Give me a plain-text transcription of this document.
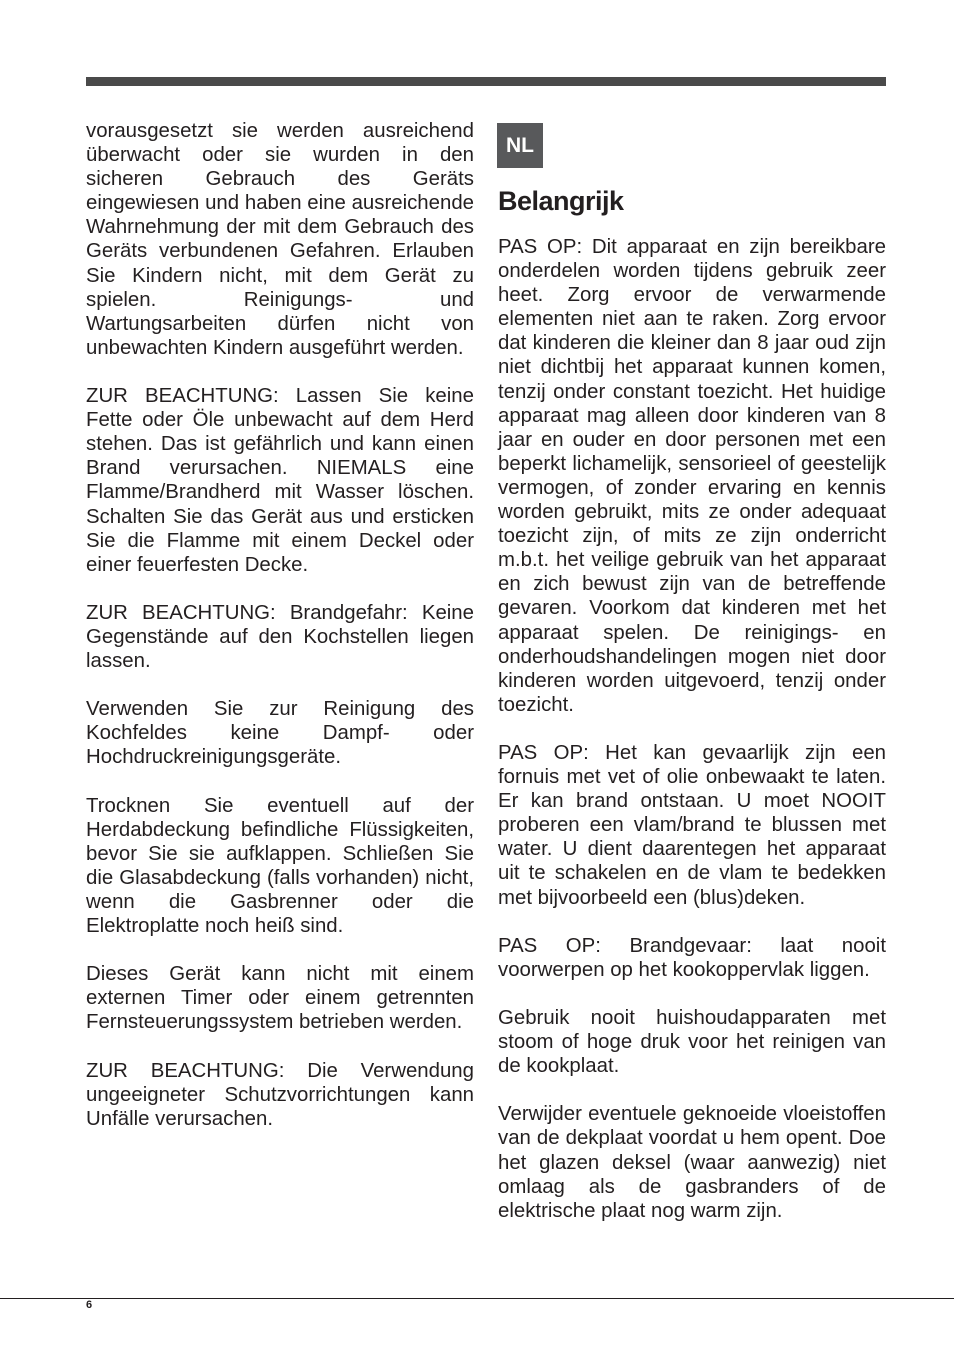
vorausgesetzt sie werden ausreichend überwacht oder sie wurden in den sicheren Gebrauch des Geräts eingewiesen und haben eine ausreichende Wahrnehmung der mit dem Gebrauch des Geräts verbundenen Gefahren. Erlauben Sie Kindern nicht, mit dem Gerät zu spielen. Reinigungs- und Wartungsarbeiten dürfen nicht von unbewachten Kindern ausgeführt werden.

ZUR BEACHTUNG: Lassen Sie keine Fette oder Öle unbewacht auf dem Herd stehen. Das ist gefährlich und kann einen Brand verursachen. NIEMALS eine Flamme/Brandherd mit Wasser löschen. Schalten Sie das Gerät aus und ersticken Sie die Flamme mit einem Deckel oder einer feuerfesten Decke.

ZUR BEACHTUNG: Brandgefahr: Keine Gegenstände auf den Kochstellen liegen lassen.

Verwenden Sie zur Reinigung des Kochfeldes keine Dampf- oder Hochdruckreinigungsgeräte.

Trocknen Sie eventuell auf der Herdabdeckung befindliche Flüssigkeiten, bevor Sie sie aufklappen. Schließen Sie die Glasabdeckung (falls vorhanden) nicht, wenn die Gasbrenner oder die Elektroplatte noch heiß sind.

Dieses Gerät kann nicht mit einem externen Timer oder einem getrennten Fernsteuerungssystem betrieben werden.

ZUR BEACHTUNG: Die Verwendung ungeeigneter Schutzvorrichtungen kann Unfälle verursachen.

NL
Belangrijk

PAS OP: Dit apparaat en zijn bereikbare onderdelen worden tijdens gebruik zeer heet. Zorg ervoor de verwarmende elementen niet aan te raken. Zorg ervoor dat kinderen die kleiner dan 8 jaar oud zijn niet dichtbij het apparaat kunnen komen, tenzij onder constant toezicht. Het huidige apparaat mag alleen door kinderen van 8 jaar en ouder en door personen met een beperkt lichamelijk, sensorieel of geestelijk vermogen, of zonder ervaring en kennis worden gebruikt, mits ze onder adequaat toezicht zijn, of mits ze zijn onderricht m.b.t. het veilige gebruik van het apparaat en zich bewust zijn van de betreffende gevaren. Voorkom dat kinderen met het apparaat spelen. De reinigings- en onderhoudshandelingen mogen niet door kinderen worden uitgevoerd, tenzij onder toezicht.

PAS OP: Het kan gevaarlijk zijn een fornuis met vet of olie onbewaakt te laten. Er kan brand ontstaan. U moet NOOIT proberen een vlam/brand te blussen met water. U dient daarentegen het apparaat uit te schakelen en de vlam te bedekken met bijvoorbeeld een (blus)deken.

PAS OP: Brandgevaar: laat nooit voorwerpen op het kookoppervlak liggen.

Gebruik nooit huishoudapparaten met stoom of hoge druk voor het reinigen van de kookplaat.

Verwijder eventuele geknoeide vloeistoffen van de dekplaat voordat u hem opent. Doe het glazen deksel (waar aanwezig) niet omlaag als de gasbranders of de elektrische plaat nog warm zijn.

6
